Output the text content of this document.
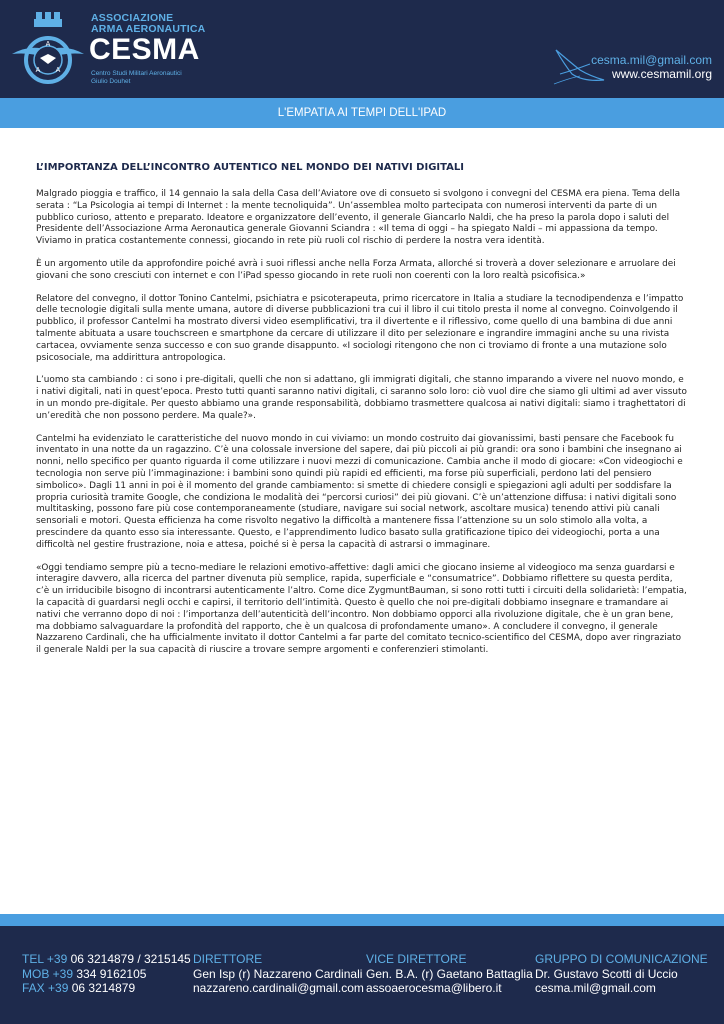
A
A A
ASSOCIAZIONE
ARMA AERONAUTICA
CESMA
Centro Studi Militari Aeronautici
Giulio Douhet
cesma.mil@gmail.com
www.cesmamil.org
L'EMPATIA AI TEMPI DELL'IPAD
L’IMPORTANZA DELL’INCONTRO AUTENTICO NEL MONDO DEI NATIVI DIGITALI

Malgrado pioggia e traffico, il 14 gennaio la sala della Casa dell’Aviatore ove di consueto si svolgono i convegni del CESMA era piena. Tema della serata : “La Psicologia ai tempi di Internet : la mente tecnoliquida”. Un’assemblea molto partecipata con numerosi interventi da parte di un pubblico curioso, attento e preparato. Ideatore e organizzatore dell’evento, il generale Giancarlo Naldi, che ha preso la parola dopo i saluti del Presidente dell’Associazione Arma Aeronautica generale Giovanni Sciandra : «Il tema di oggi – ha spiegato Naldi – mi appassiona da tempo. Viviamo in pratica costantemente connessi, giocando in rete più ruoli col rischio di perdere la nostra vera identità.

È un argomento utile da approfondire poiché avrà i suoi riflessi anche nella Forza Armata, allorché si troverà a dover selezionare e arruolare dei giovani che sono cresciuti con internet e con l’iPad spesso giocando in rete ruoli non coerenti con la loro realtà psicofisica.»

Relatore del convegno, il dottor Tonino Cantelmi, psichiatra e psicoterapeuta, primo ricercatore in Italia a studiare la tecnodipendenza e l’impatto delle tecnologie digitali sulla mente umana, autore di diverse pubblicazioni tra cui il libro il cui titolo presta il nome al convegno. Coinvolgendo il pubblico, il professor Cantelmi ha mostrato diversi video esemplificativi, tra il divertente e il riflessivo, come quello di una bambina di due anni talmente abituata a usare touchscreen e smartphone da cercare di utilizzare il dito per selezionare e ingrandire immagini anche su una rivista cartacea, ovviamente senza successo e con suo grande disappunto. «I sociologi ritengono che non ci troviamo di fronte a una mutazione solo psicosociale, ma addirittura antropologica.

L’uomo sta cambiando : ci sono i pre-digitali, quelli che non si adattano, gli immigrati digitali, che stanno imparando a vivere nel nuovo mondo, e i nativi digitali, nati in quest’epoca. Presto tutti quanti saranno nativi digitali, ci saranno solo loro: ciò vuol dire che siamo gli ultimi ad aver vissuto in un mondo pre-digitale. Per questo abbiamo una grande responsabilità, dobbiamo trasmettere qualcosa ai nativi digitali: siamo i traghettatori di un’eredità che non possono perdere. Ma quale?».

Cantelmi ha evidenziato le caratteristiche del nuovo mondo in cui viviamo: un mondo costruito dai giovanissimi, basti pensare che Facebook fu inventato in una notte da un ragazzino. C’è una colossale inversione del sapere, dai più piccoli ai più grandi: ora sono i bambini che insegnano ai nonni, nello specifico per quanto riguarda il come utilizzare i nuovi mezzi di comunicazione. Cambia anche il modo di giocare: «Con videogiochi e tecnologia non serve più l’immaginazione: i bambini sono quindi più rapidi ed efficienti, ma forse più superficiali, perdono lati del pensiero simbolico». Dagli 11 anni in poi è il momento del grande cambiamento: si smette di chiedere consigli e spiegazioni agli adulti per soddisfare la propria curiosità tramite Google, che condiziona le modalità dei “percorsi curiosi” dei più giovani. C’è un’attenzione diffusa: i nativi digitali sono multitasking, possono fare più cose contemporaneamente (studiare, navigare sui social network, ascoltare musica) tenendo attivi più canali sensoriali e motori. Questa efficienza ha come risvolto negativo la difficoltà a mantenere fissa l’attenzione su un solo stimolo alla volta, a prescindere da quanto esso sia interessante. Questo, e l’apprendimento ludico basato sulla gratificazione tipico dei videogiochi, porta a una difficoltà nel gestire frustrazione, noia e attesa, poiché si è persa la capacità di astrarsi o immaginare.

«Oggi tendiamo sempre più a tecno-mediare le relazioni emotivo-affettive: dagli amici che giocano insieme al videogioco ma senza guardarsi e interagire davvero, alla ricerca del partner divenuta più semplice, rapida, superficiale e “consumatrice”. Dobbiamo riflettere su questa perdita, c’è un irriducibile bisogno di incontrarsi autenticamente l’altro. Come dice ZygmuntBauman, si sono rotti tutti i circuiti della solidarietà: l’empatia, la capacità di guardarsi negli occhi e capirsi, il territorio dell’intimità. Questo è quello che noi pre-digitali dobbiamo insegnare e tramandare ai nativi che verranno dopo di noi : l’importanza dell’autenticità dell’incontro. Non dobbiamo opporci alla rivoluzione digitale, che è un gran bene, ma dobbiamo salvaguardare la profondità del rapporto, che è un qualcosa di profondamente umano». A concludere il convegno, il generale Nazzareno Cardinali, che ha ufficialmente invitato il dottor Cantelmi a far parte del comitato tecnico-scientifico del CESMA, dopo aver ringraziato il generale Naldi per la sua capacità di riuscire a trovare sempre argomenti e conferenzieri stimolanti.

TEL +39 06 3214879 / 3215145
MOB +39 334 9162105
FAX +39 06 3214879
DIRETTORE
Gen Isp (r) Nazzareno Cardinali
nazzareno.cardinali@gmail.com
VICE DIRETTORE
Gen. B.A. (r) Gaetano Battaglia
assoaerocesma@libero.it
GRUPPO DI COMUNICAZIONE
Dr. Gustavo Scotti di Uccio
cesma.mil@gmail.com
